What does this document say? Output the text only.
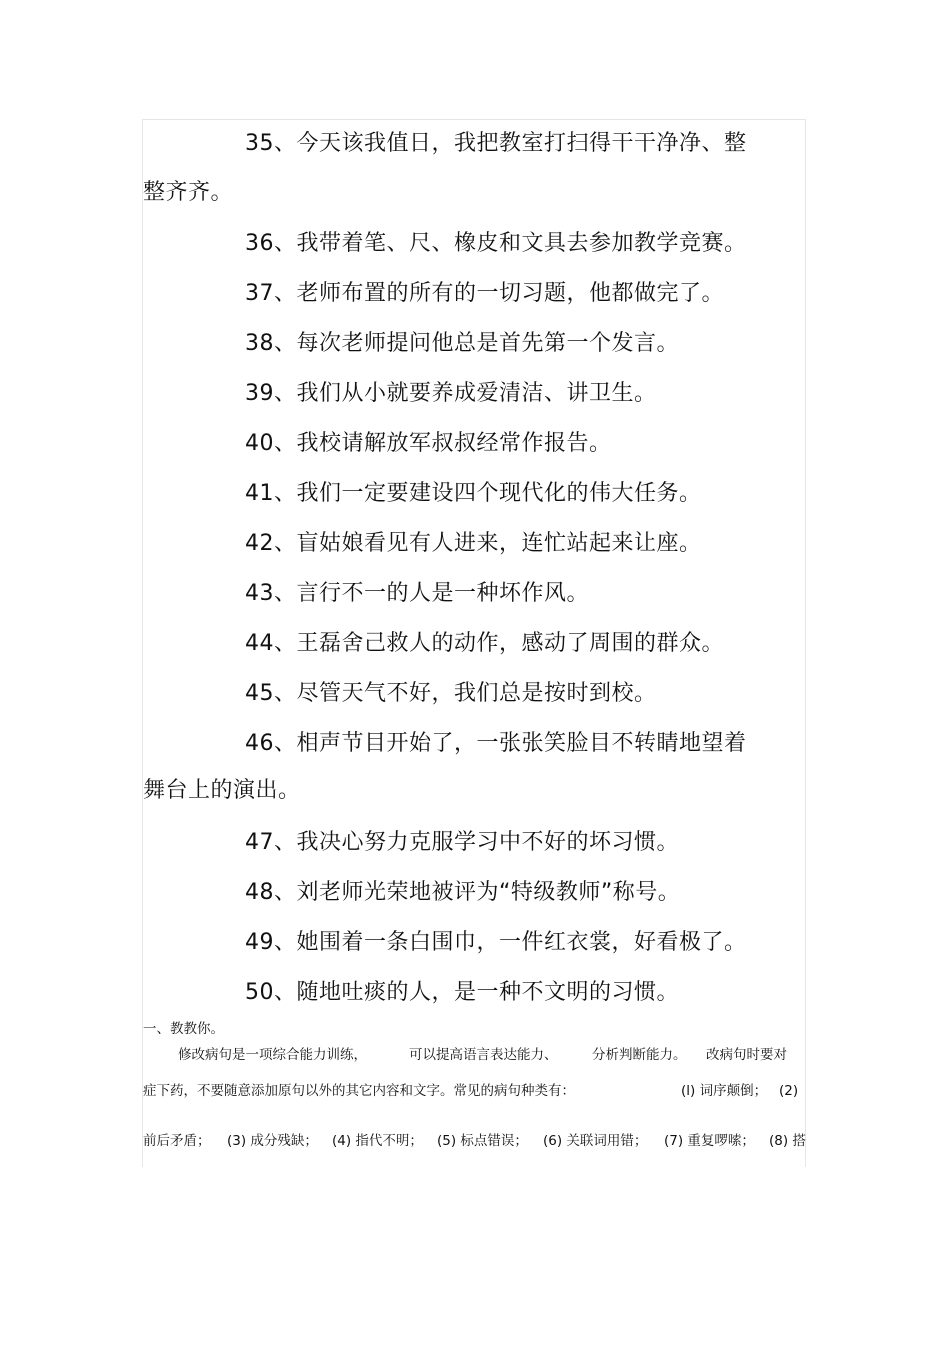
35、今天该我值日，我把教室打扫得干干净净、整
整齐齐。
36、我带着笔、尺、橡皮和文具去参加教学竞赛。
37、老师布置的所有的一切习题，他都做完了。
38、每次老师提问他总是首先第一个发言。
39、我们从小就要养成爱清洁、讲卫生。
40、我校请解放军叔叔经常作报告。
41、我们一定要建设四个现代化的伟大任务。
42、盲姑娘看见有人进来，连忙站起来让座。
43、言行不一的人是一种坏作风。
44、王磊舍己救人的动作，感动了周围的群众。
45、尽管天气不好，我们总是按时到校。
46、相声节目开始了，一张张笑脸目不转睛地望着
舞台上的演出。
47、我决心努力克服学习中不好的坏习惯。
48、刘老师光荣地被评为“特级教师”称号。
49、她围着一条白围巾，一件红衣裳，好看极了。
50、随地吐痰的人，是一种不文明的习惯。
一、教教你。
修改病句是一项综合能力训练，	可以提高语言表达能力、	分析判断能力。 改病句时要对
症下药，不要随意添加原句以外的其它内容和文字。常见的病句种类有：	(l) 词序颠倒； (2)
前后矛盾； (3) 成分残缺； (4) 指代不明； (5) 标点错误； (6) 关联词用错； (7) 重复啰嗦； (8) 搭
